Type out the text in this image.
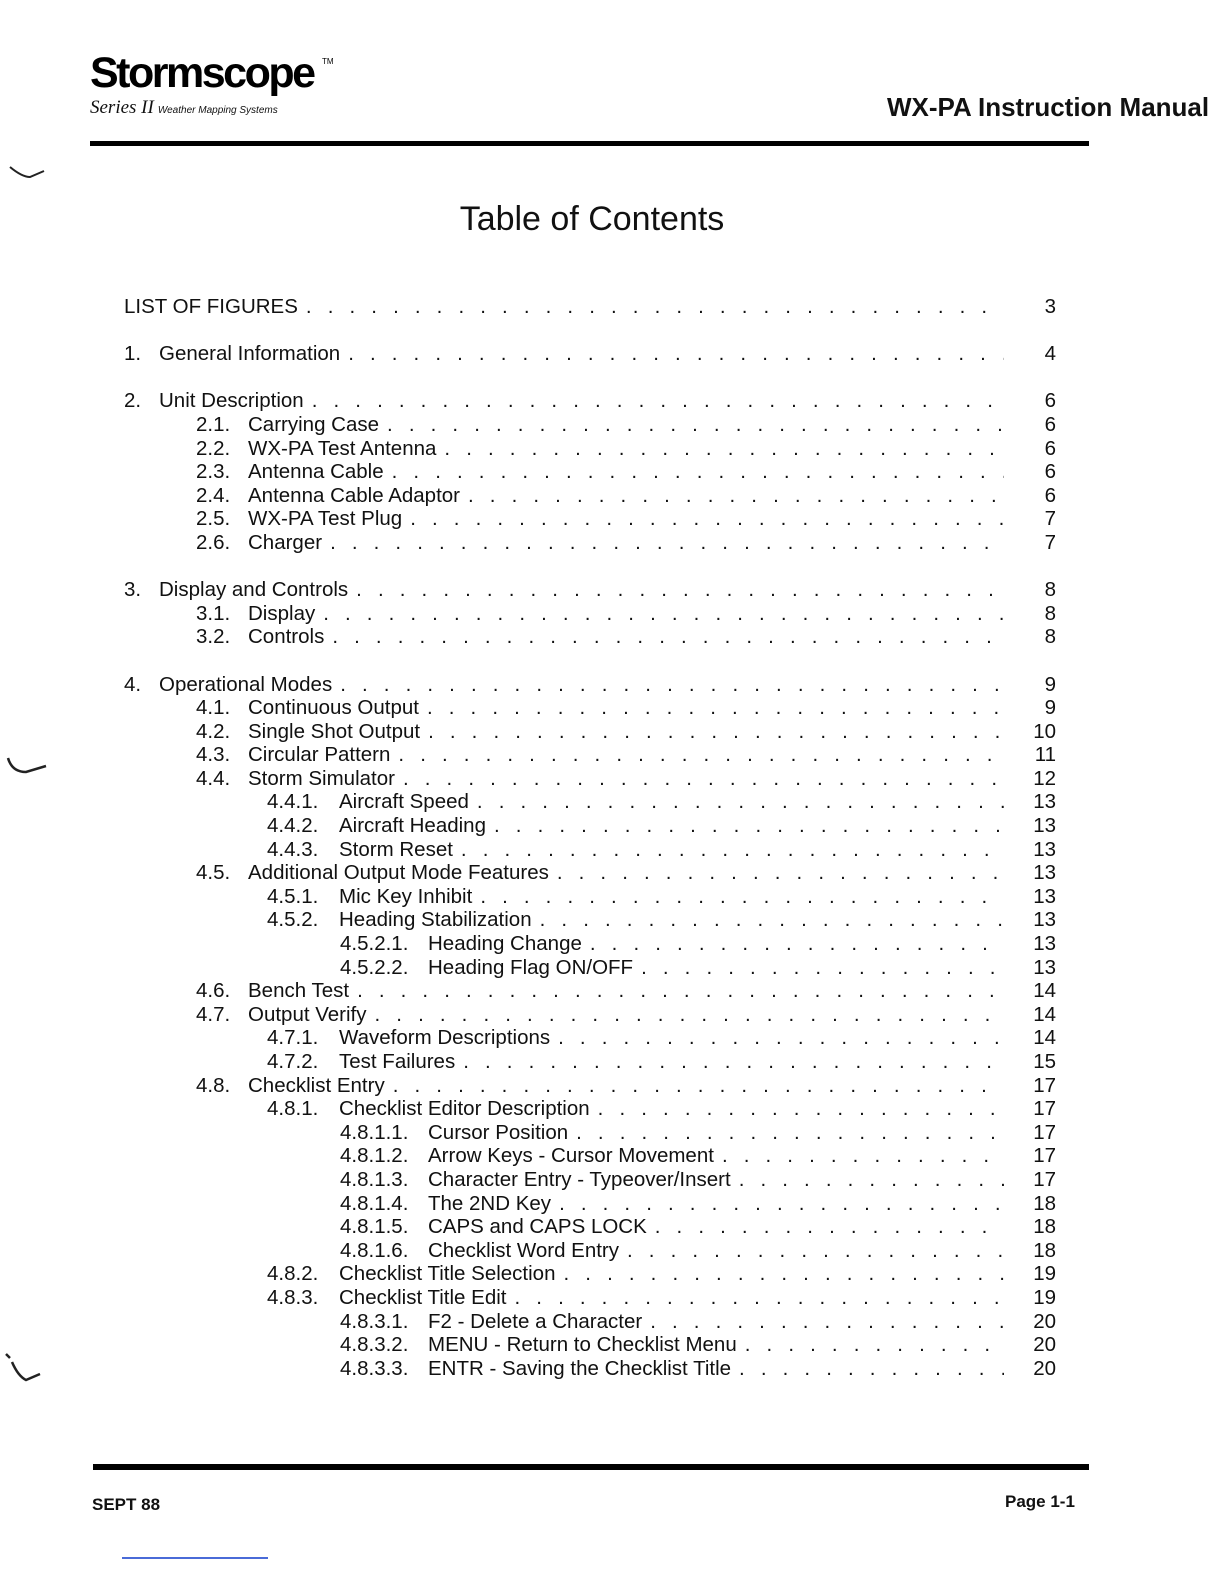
Stormscope TM
Series II Weather Mapping Systems	WX-PA Instruction Manual
Table of Contents
LIST OF FIGURES . . .	3
1. General Information . . .	4
2. Unit Description . . .	6
2.1. Carrying Case . . .	6
2.2. WX-PA Test Antenna . . .	6
2.3. Antenna Cable . . .	6
2.4. Antenna Cable Adaptor . . .	6
2.5. WX-PA Test Plug . . .	7
2.6. Charger . . .	7
3. Display and Controls . . .	8
3.1. Display . . .	8
3.2. Controls . . .	8
4. Operational Modes . . .	9
4.1. Continuous Output . . .	9
4.2. Single Shot Output . . .	10
4.3. Circular Pattern . . .	11
4.4. Storm Simulator . . .	12
4.4.1.	Aircraft Speed . . .	13
4.4.2.	Aircraft Heading . . .	13
4.4.3.	Storm Reset . . .	13
4.5. Additional Output Mode Features . . .	13
4.5.1.	Mic Key Inhibit . . .	13
4.5.2.	Heading Stabilization . . .	13
4.5.2.1. Heading Change . . .	13
4.5.2.2. Heading Flag ON/OFF . . .	13
4.6. Bench Test . . .	14
4.7. Output Verify . . .	14
4.7.1.	Waveform Descriptions . . .	14
4.7.2.	Test Failures . . .	15
4.8. Checklist Entry . . .	17
4.8.1.	Checklist Editor Description . . .	17
4.8.1.1. Cursor Position . . .	17
4.8.1.2. Arrow Keys - Cursor Movement . . .	17
4.8.1.3. Character Entry - Typeover/Insert . . .	17
4.8.1.4. The 2ND Key . . .	18
4.8.1.5. CAPS and CAPS LOCK . . .	18
4.8.1.6. Checklist Word Entry . . .	18
4.8.2.	Checklist Title Selection . . .	19
4.8.3.	Checklist Title Edit . . .	19
4.8.3.1. F2 - Delete a Character . . .	20
4.8.3.2. MENU - Return to Checklist Menu . . .	20
4.8.3.3. ENTR - Saving the Checklist Title . . .	20
SEPT 88	Page 1-1
